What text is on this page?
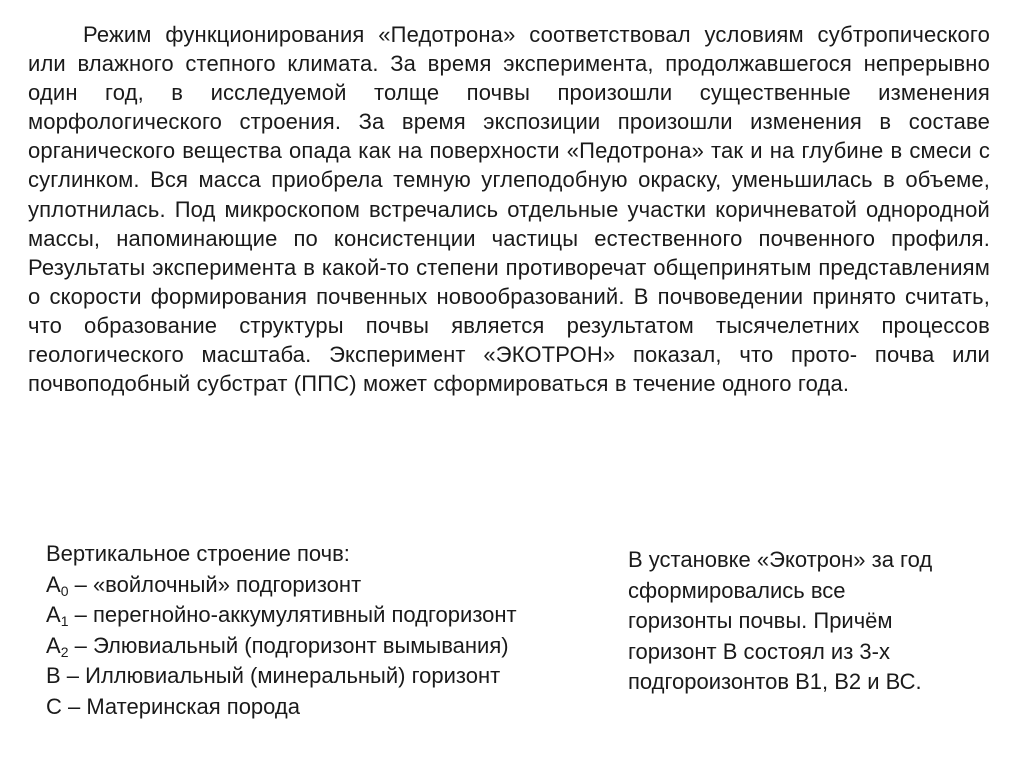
Режим функционирования «Педотрона» соответствовал условиям субтропического или влажного степного климата. За время эксперимента, продолжавшегося непрерывно один год, в исследуемой толще почвы произошли существенные изменения морфологического строения. За время экспозиции произошли изменения в составе органического вещества опада как на поверхности «Педотрона» так и на глубине в смеси с суглинком. Вся масса приобрела темную углеподобную окраску, уменьшилась в объеме, уплотнилась. Под микроскопом встречались отдельные участки коричневатой однородной массы, напоминающие по консистенции частицы естественного почвенного профиля. Результаты эксперимента в какой-то степени противоречат общепринятым представлениям о скорости формирования почвенных новообразований. В почвоведении принято считать, что образование структуры почвы является результатом тысячелетних процессов геологического масштаба. Эксперимент «ЭКОТРОН» показал, что прото- почва или почвоподобный субстрат (ППС) может сформироваться в течение одного года.

Вертикальное строение почв:
$А_0$ – «войлочный» подгоризонт
$А_1$ – перегнойно-аккумулятивный подгоризонт
$А_2$ – Элювиальный (подгоризонт вымывания)
В – Иллювиальный (минеральный) горизонт
С – Материнская порода
В установке «Экотрон» за год
сформировались все
горизонты почвы. Причём
горизонт В состоял из 3-х
подгороизонтов В1, В2 и ВС.
